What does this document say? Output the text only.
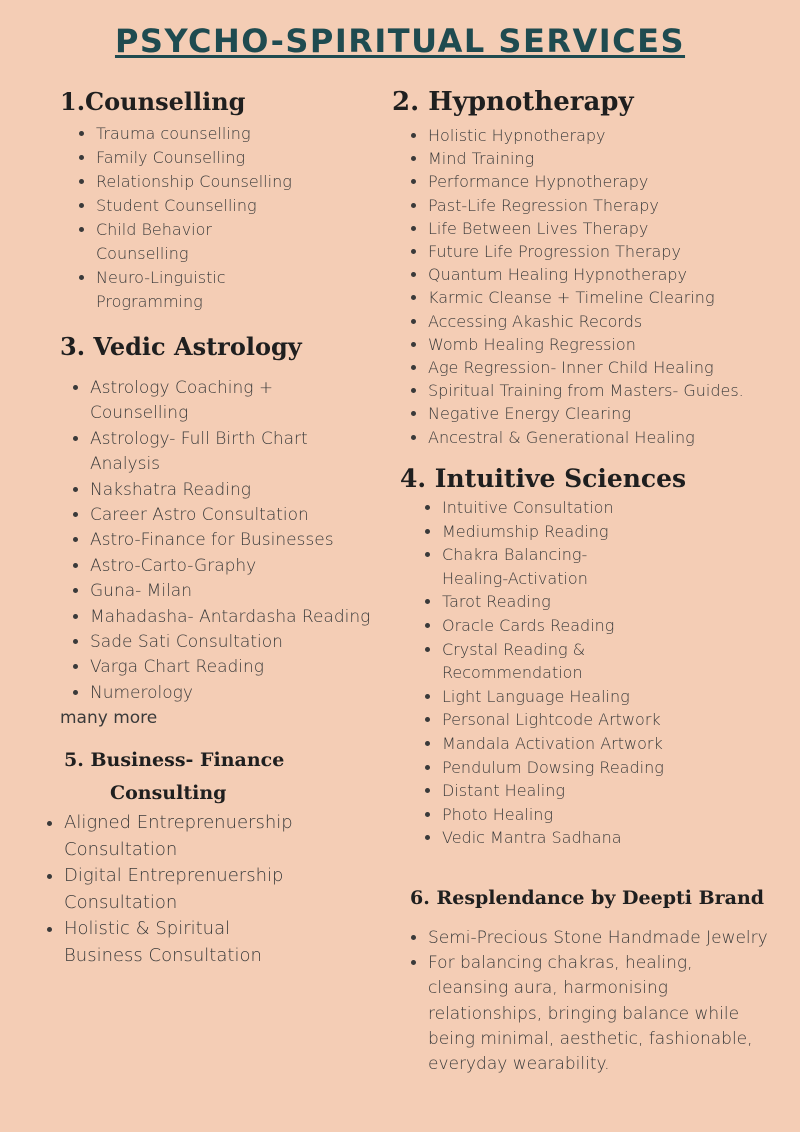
PSYCHO-SPIRITUAL SERVICES
1.Counselling
• Trauma counselling
• Family Counselling
• Relationship Counselling
• Student Counselling
• Child Behavior Counselling
• Neuro-Linguistic Programming
2. Hypnotherapy
• Holistic Hypnotherapy
• Mind Training
• Performance Hypnotherapy
• Past-Life Regression Therapy
• Life Between Lives Therapy
• Future Life Progression Therapy
• Quantum Healing Hypnotherapy
• Karmic Cleanse + Timeline Clearing
• Accessing Akashic Records
• Womb Healing Regression
• Age Regression- Inner Child Healing
• Spiritual Training from Masters- Guides.
• Negative Energy Clearing
• Ancestral & Generational Healing
3. Vedic Astrology
• Astrology Coaching + Counselling
• Astrology- Full Birth Chart Analysis
• Nakshatra Reading
• Career Astro Consultation
• Astro-Finance for Businesses
• Astro-Carto-Graphy
• Guna- Milan
• Mahadasha- Antardasha Reading
• Sade Sati Consultation
• Varga Chart Reading
• Numerology
many more
4. Intuitive Sciences
• Intuitive Consultation
• Mediumship Reading
• Chakra Balancing-Healing-Activation
• Tarot Reading
• Oracle Cards Reading
• Crystal Reading & Recommendation
• Light Language Healing
• Personal Lightcode Artwork
• Mandala Activation Artwork
• Pendulum Dowsing Reading
• Distant Healing
• Photo Healing
• Vedic Mantra Sadhana
5. Business- Finance
Consulting
• Aligned Entreprenuership Consultation
• Digital Entreprenuership Consultation
• Holistic & Spiritual Business Consultation
6. Resplendance by Deepti Brand
• Semi-Precious Stone Handmade Jewelry
• For balancing chakras, healing, cleansing aura, harmonising relationships, bringing balance while being minimal, aesthetic, fashionable, everyday wearability.
